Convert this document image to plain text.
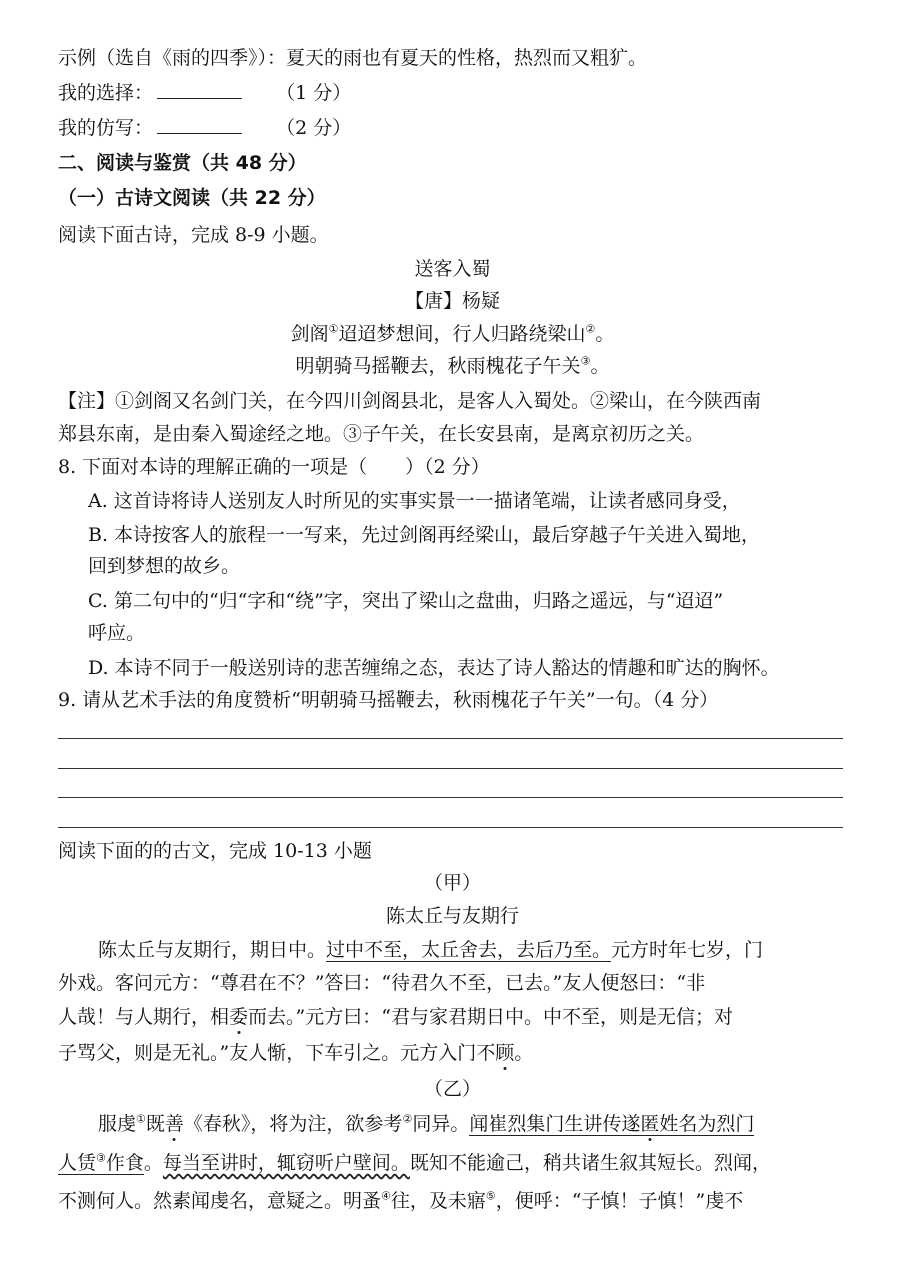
示例（选自《雨的四季》）：夏天的雨也有夏天的性格，热烈而又粗犷。
我的选择：	（1 分）
我的仿写：	（2 分）
二、阅读与鉴赏（共 48 分）
（一）古诗文阅读（共 22 分）
阅读下面古诗，完成 8-9 小题。
送客入蜀
【唐】杨疑
剑阁①迢迢梦想间，行人归路绕梁山②。
明朝骑马摇鞭去，秋雨槐花子午关③。
【注】①剑阁又名剑门关，在今四川剑阁县北，是客人入蜀处。②梁山，在今陕西南
郑县东南，是由秦入蜀途经之地。③子午关，在长安县南，是离京初历之关。
8. 下面对本诗的理解正确的一项是（　　）（2 分）
A. 这首诗将诗人送别友人时所见的实事实景一一描诸笔端，让读者感同身受，
B. 本诗按客人的旅程一一写来，先过剑阁再经梁山，最后穿越子午关进入蜀地，
回到梦想的故乡。
C. 第二句中的“归“字和“绕”字，突出了梁山之盘曲，归路之遥远，与“迢迢”
呼应。
D. 本诗不同于一般送别诗的悲苦缠绵之态，表达了诗人豁达的情趣和旷达的胸怀。
9. 请从艺术手法的角度赞析“明朝骑马摇鞭去，秋雨槐花子午关”一句。（4 分）
阅读下面的的古文，完成 10-13 小题
（甲）
陈太丘与友期行
陈太丘与友期行，期日中。过中不至，太丘舍去，去后乃至。元方时年七岁，门
外戏。客问元方：“尊君在不？”答曰：“待君久不至，已去。”友人便怒曰：“非
人哉！与人期行，相委而去。”元方曰：“君与家君期日中。中不至，则是无信；对
子骂父，则是无礼。”友人惭，下车引之。元方入门不顾。
（乙）
服虔①既善《春秋》，将为注，欲参考②同异。闻崔烈集门生讲传遂匿姓名为烈门
人赁③作食。每当至讲时，辄窃听户壁间。既知不能逾己，稍共诸生叙其短长。烈闻，
不测何人。然素闻虔名，意疑之。明蚤④往，及未寤⑤，便呼：“子慎！子慎！”虔不
